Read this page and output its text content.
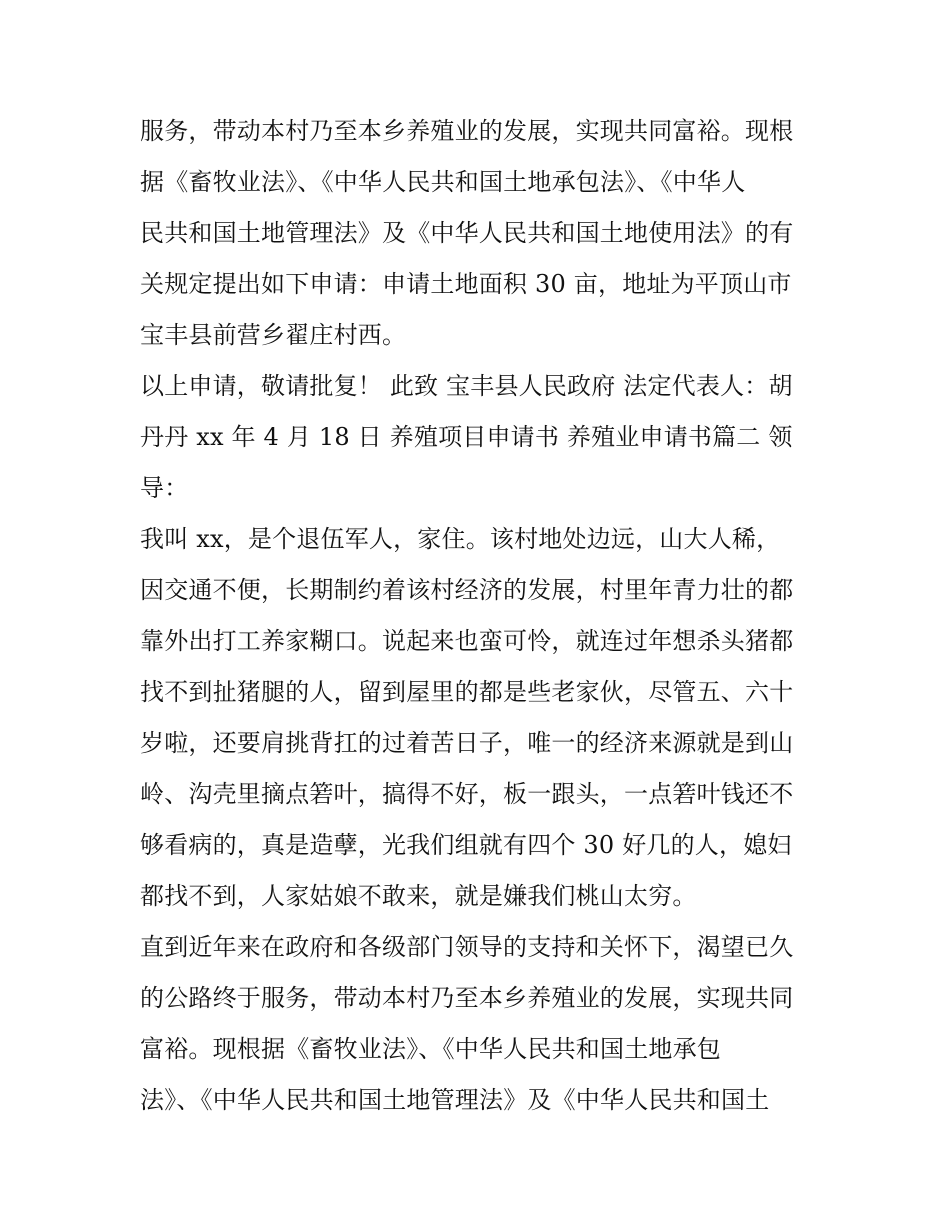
服务，带动本村乃至本乡养殖业的发展，实现共同富裕。现根
据《畜牧业法》、《中华人民共和国土地承包法》、《中华人
民共和国土地管理法》及《中华人民共和国土地使用法》的有
关规定提出如下申请：申请土地面积 30 亩，地址为平顶山市
宝丰县前营乡翟庄村西。
以上申请，敬请批复！ 此致 宝丰县人民政府 法定代表人：胡
丹丹 xx 年 4 月 18 日 养殖项目申请书 养殖业申请书篇二 领
导：
我叫 xx，是个退伍军人，家住。该村地处边远，山大人稀，
因交通不便，长期制约着该村经济的发展，村里年青力壮的都
靠外出打工养家糊口。说起来也蛮可怜，就连过年想杀头猪都
找不到扯猪腿的人，留到屋里的都是些老家伙，尽管五、六十
岁啦，还要肩挑背扛的过着苦日子，唯一的经济来源就是到山
岭、沟壳里摘点箬叶，搞得不好，板一跟头，一点箬叶钱还不
够看病的，真是造孽，光我们组就有四个 30 好几的人，媳妇
都找不到，人家姑娘不敢来，就是嫌我们桃山太穷。
直到近年来在政府和各级部门领导的支持和关怀下，渴望已久
的公路终于服务，带动本村乃至本乡养殖业的发展，实现共同
富裕。现根据《畜牧业法》、《中华人民共和国土地承包
法》、《中华人民共和国土地管理法》及《中华人民共和国土
